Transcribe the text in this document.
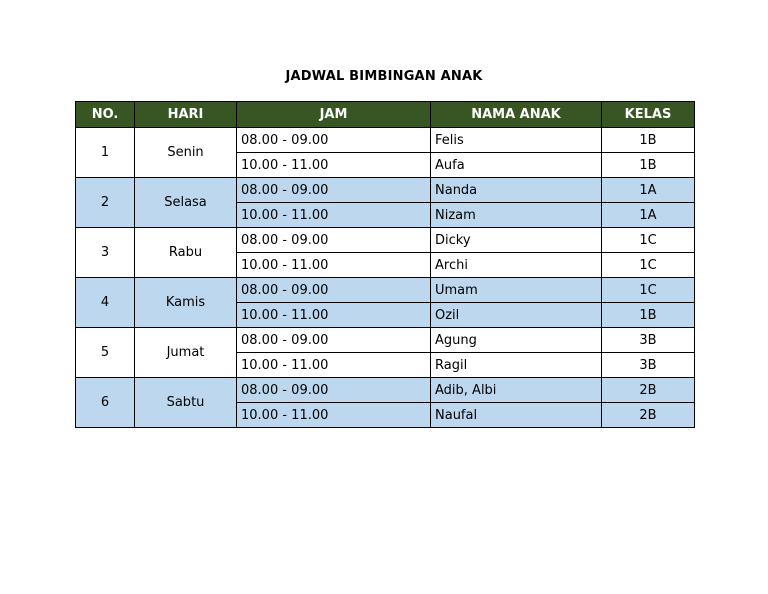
JADWAL BIMBINGAN ANAK
NO.	HARI	JAM	NAMA ANAK	KELAS
1	Senin	08.00 - 09.00	Felis	1B
		10.00 - 11.00	Aufa	1B
2	Selasa	08.00 - 09.00	Nanda	1A
		10.00 - 11.00	Nizam	1A
3	Rabu	08.00 - 09.00	Dicky	1C
		10.00 - 11.00	Archi	1C
4	Kamis	08.00 - 09.00	Umam	1C
		10.00 - 11.00	Ozil	1B
5	Jumat	08.00 - 09.00	Agung	3B
		10.00 - 11.00	Ragil	3B
6	Sabtu	08.00 - 09.00	Adib, Albi	2B
		10.00 - 11.00	Naufal	2B
